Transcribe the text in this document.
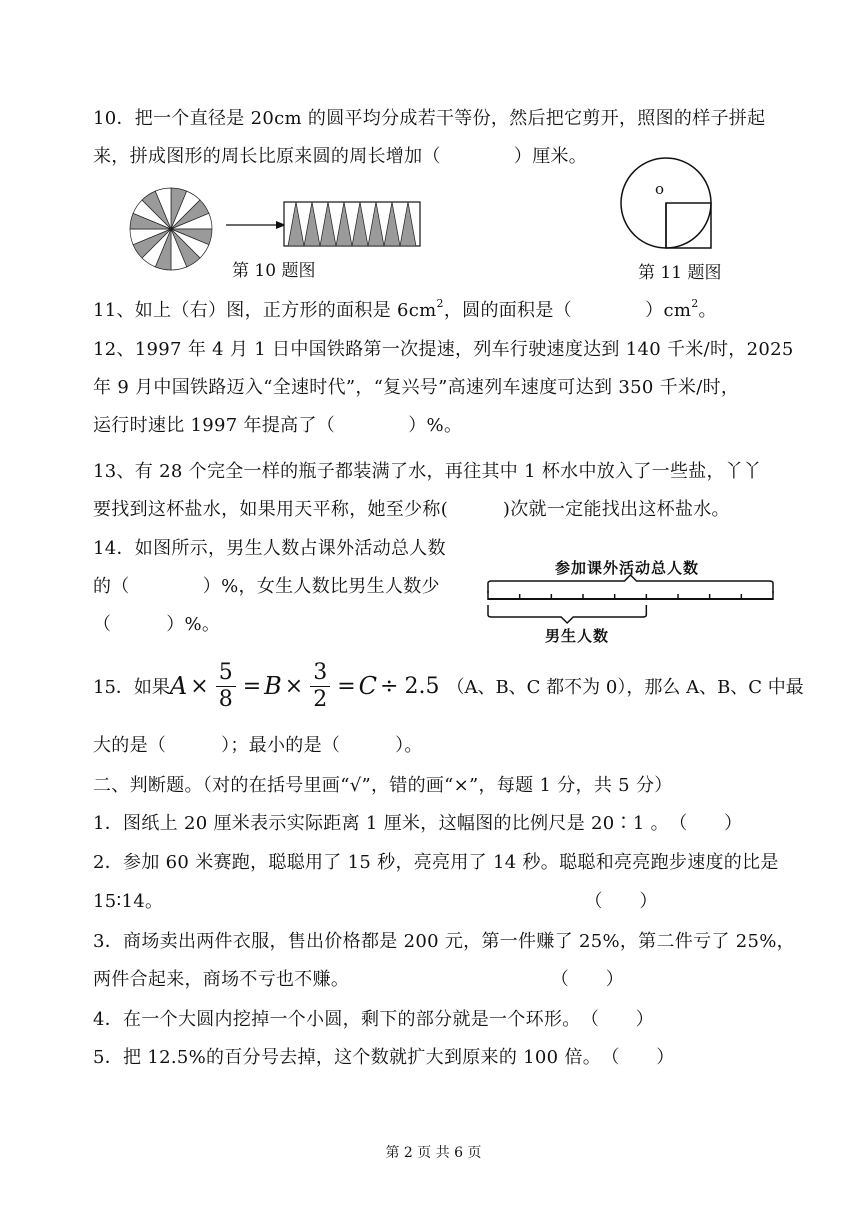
10．把一个直径是 20cm 的圆平均分成若干等份，然后把它剪开，照图的样子拼起
来，拼成图形的周长比原来圆的周长增加（　　　　）厘米。
第 10 题图
o
第 11 题图
11、如上（右）图，正方形的面积是 $6cm^2$，圆的面积是（　　　　）$cm^2$。
12、1997 年 4 月 1 日中国铁路第一次提速，列车行驶速度达到 140 千米/时，2025
年 9 月中国铁路迈入“全速时代”，“复兴号”高速列车速度可达到 350 千米/时，
运行时速比 1997 年提高了（　　　　）%。
13、有 28 个完全一样的瓶子都装满了水，再往其中 1 杯水中放入了一些盐，丫丫
要找到这杯盐水，如果用天平称，她至少称(　　　)次就一定能找出这杯盐水。
14．如图所示，男生人数占课外活动总人数
的（　　　　）%，女生人数比男生人数少
（　　　）%。
参加课外活动总人数
男生人数
15．如果 $A \times \frac{5}{8} = B \times \frac{3}{2} = C \div 2.5$ （A、B、C 都不为 0），那么 A、B、C 中最
大的是（　　　）；最小的是（　　　）。
二、判断题。（对的在括号里画“√”，错的画“×”，每题 1 分，共 5 分）
1．图纸上 20 厘米表示实际距离 1 厘米，这幅图的比例尺是 20∶1 。　（　　）
2．参加 60 米赛跑，聪聪用了 15 秒，亮亮用了 14 秒。聪聪和亮亮跑步速度的比是
15∶14。　　　　　　　　　　　　　　　　　　　　　　　　（　　）
3．商场卖出两件衣服，售出价格都是 200 元，第一件赚了 25%，第二件亏了 25%，
两件合起来，商场不亏也不赚。　　　　　　　　　　　　（　　）
4．在一个大圆内挖掉一个小圆，剩下的部分就是一个环形。　（　　）
5．把 12.5%的百分号去掉，这个数就扩大到原来的 100 倍。　（　　）
第 2 页 共 6 页
